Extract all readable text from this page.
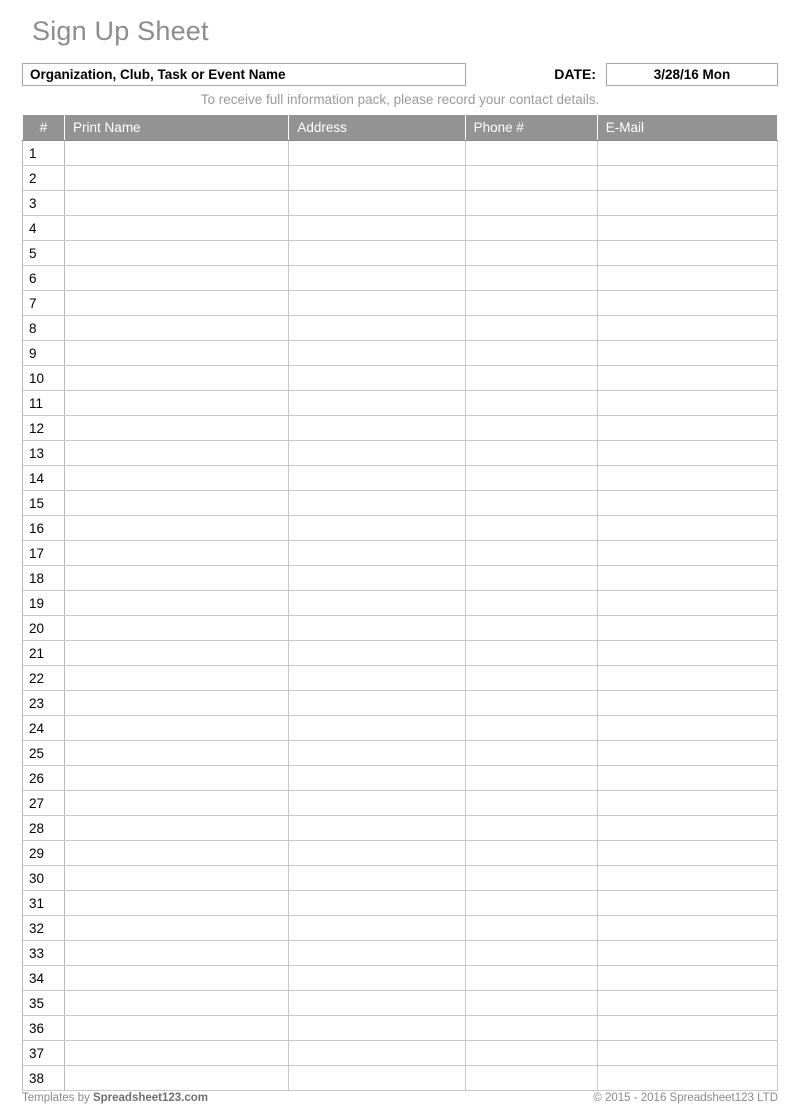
Sign Up Sheet
Organization, Club, Task or Event Name	DATE:	3/28/16 Mon
To receive full information pack, please record your contact details.
#	Print Name	Address	Phone #	E-Mail
1				
2				
3				
4				
5				
6				
7				
8				
9				
10				
11				
12				
13				
14				
15				
16				
17				
18				
19				
20				
21				
22				
23				
24				
25				
26				
27				
28				
29				
30				
31				
32				
33				
34				
35				
36				
37				
38				
Templates by Spreadsheet123.com	© 2015 - 2016 Spreadsheet123 LTD
